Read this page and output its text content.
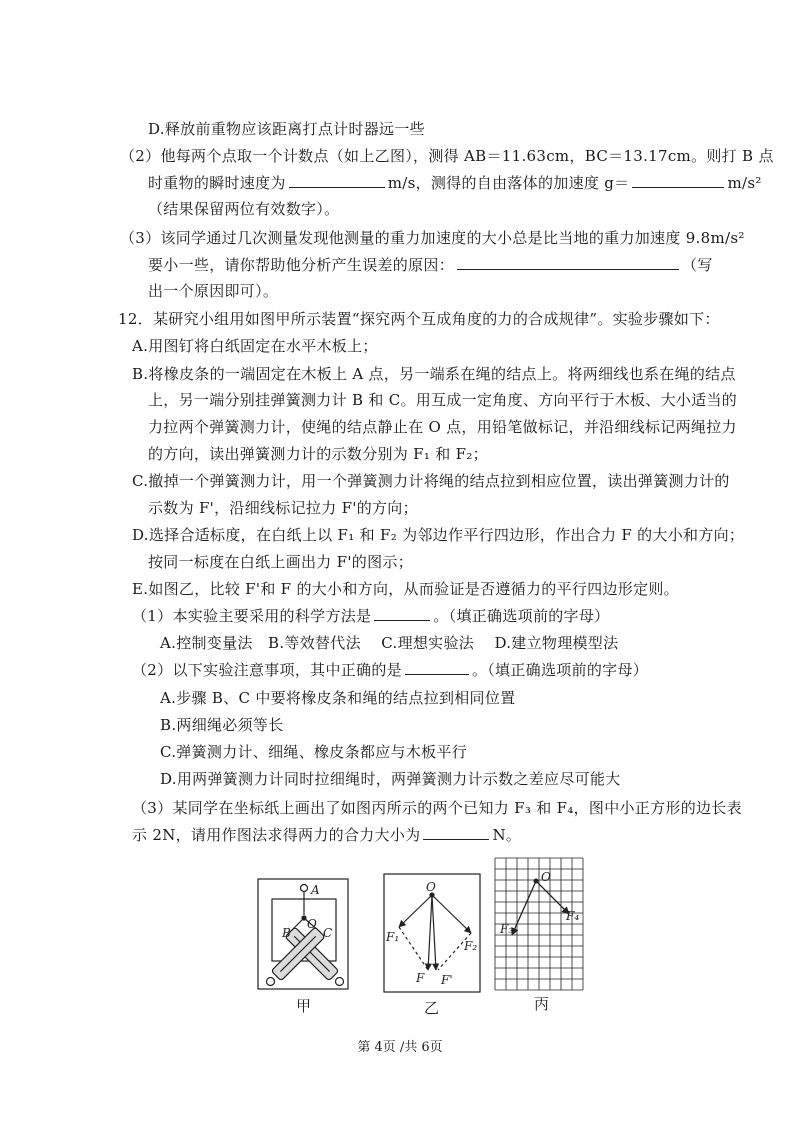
D.释放前重物应该距离打点计时器远一些
（2）他每两个点取一个计数点（如上乙图），测得 AB＝11.63cm，BC＝13.17cm。则打 B 点
时重物的瞬时速度为	m/s，测得的自由落体的加速度 g＝	m/s²
（结果保留两位有效数字）。
（3）该同学通过几次测量发现他测量的重力加速度的大小总是比当地的重力加速度 9.8m/s²
要小一些，请你帮助他分析产生误差的原因：	（写
出一个原因即可）。
12．某研究小组用如图甲所示装置“探究两个互成角度的力的合成规律”。实验步骤如下：
A.用图钉将白纸固定在水平木板上；
B.将橡皮条的一端固定在木板上 A 点，另一端系在绳的结点上。将两细线也系在绳的结点
上，另一端分别挂弹簧测力计 B 和 C。用互成一定角度、方向平行于木板、大小适当的
力拉两个弹簧测力计，使绳的结点静止在 O 点，用铅笔做标记，并沿细线标记两绳拉力
的方向，读出弹簧测力计的示数分别为 F₁ 和 F₂；
C.撤掉一个弹簧测力计，用一个弹簧测力计将绳的结点拉到相应位置，读出弹簧测力计的
示数为 F'，沿细线标记拉力 F'的方向；
D.选择合适标度，在白纸上以 F₁ 和 F₂ 为邻边作平行四边形，作出合力 F 的大小和方向；
按同一标度在白纸上画出力 F'的图示；
E.如图乙，比较 F'和 F 的大小和方向，从而验证是否遵循力的平行四边形定则。
（1）本实验主要采用的科学方法是	。（填正确选项前的字母）
A.控制变量法　B.等效替代法　 C.理想实验法　 D.建立物理模型法
（2）以下实验注意事项，其中正确的是	。（填正确选项前的字母）
A.步骤 B、C 中要将橡皮条和绳的结点拉到相同位置
B.两细绳必须等长
C.弹簧测力计、细绳、橡皮条都应与木板平行
D.用两弹簧测力计同时拉细绳时，两弹簧测力计示数之差应尽可能大
（3）某同学在坐标纸上画出了如图丙所示的两个已知力 F₃ 和 F₄，图中小正方形的边长表
示 2N，请用作图法求得两力的合力大小为	N。
A
O
B	C
O
F₁
F₂
F F'
O
F₃
F₄
甲	乙	丙
第 4页 /共 6页
